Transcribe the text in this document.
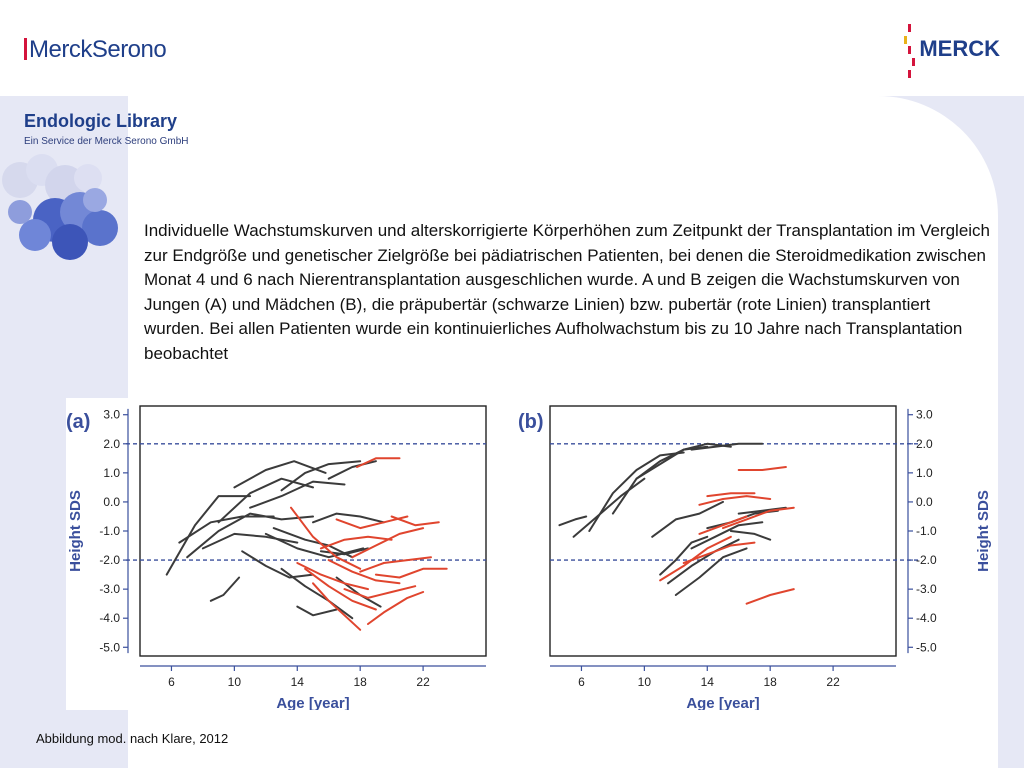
MerckSerono	MERCK
Endologic Library
Ein Service der Merck Serono GmbH
Individuelle Wachstumskurven und alterskorrigierte Körperhöhen zum Zeitpunkt der Transplantation im Vergleich zur Endgröße und genetischer Zielgröße bei pädiatrischen Patienten, bei denen die Steroidmedikation zwischen Monat 4 und 6 nach Nierentransplantation ausgeschlichen wurde. A und B zeigen die Wachstumskurven von Jungen (A) und Mädchen (B), die präpubertär (schwarze Linien) bzw. pubertär (rote Linien) transplantiert wurden. Bei allen Patienten wurde ein kontinuierliches Aufholwachstum bis zu 10 Jahre nach Transplantation beobachtet
3.0
2.0
1.0
0.0
-1.0
-2.0
-3.0
-4.0
-5.0
6	10	14	18	22
Age [year]
Height SDS
(a)	3.0
2.0
1.0
0.0
-1.0
-2.0
-3.0
-4.0
-5.0
6	10	14	18	22
Age [year]
Height SDS
(b)
Abbildung mod. nach Klare, 2012
